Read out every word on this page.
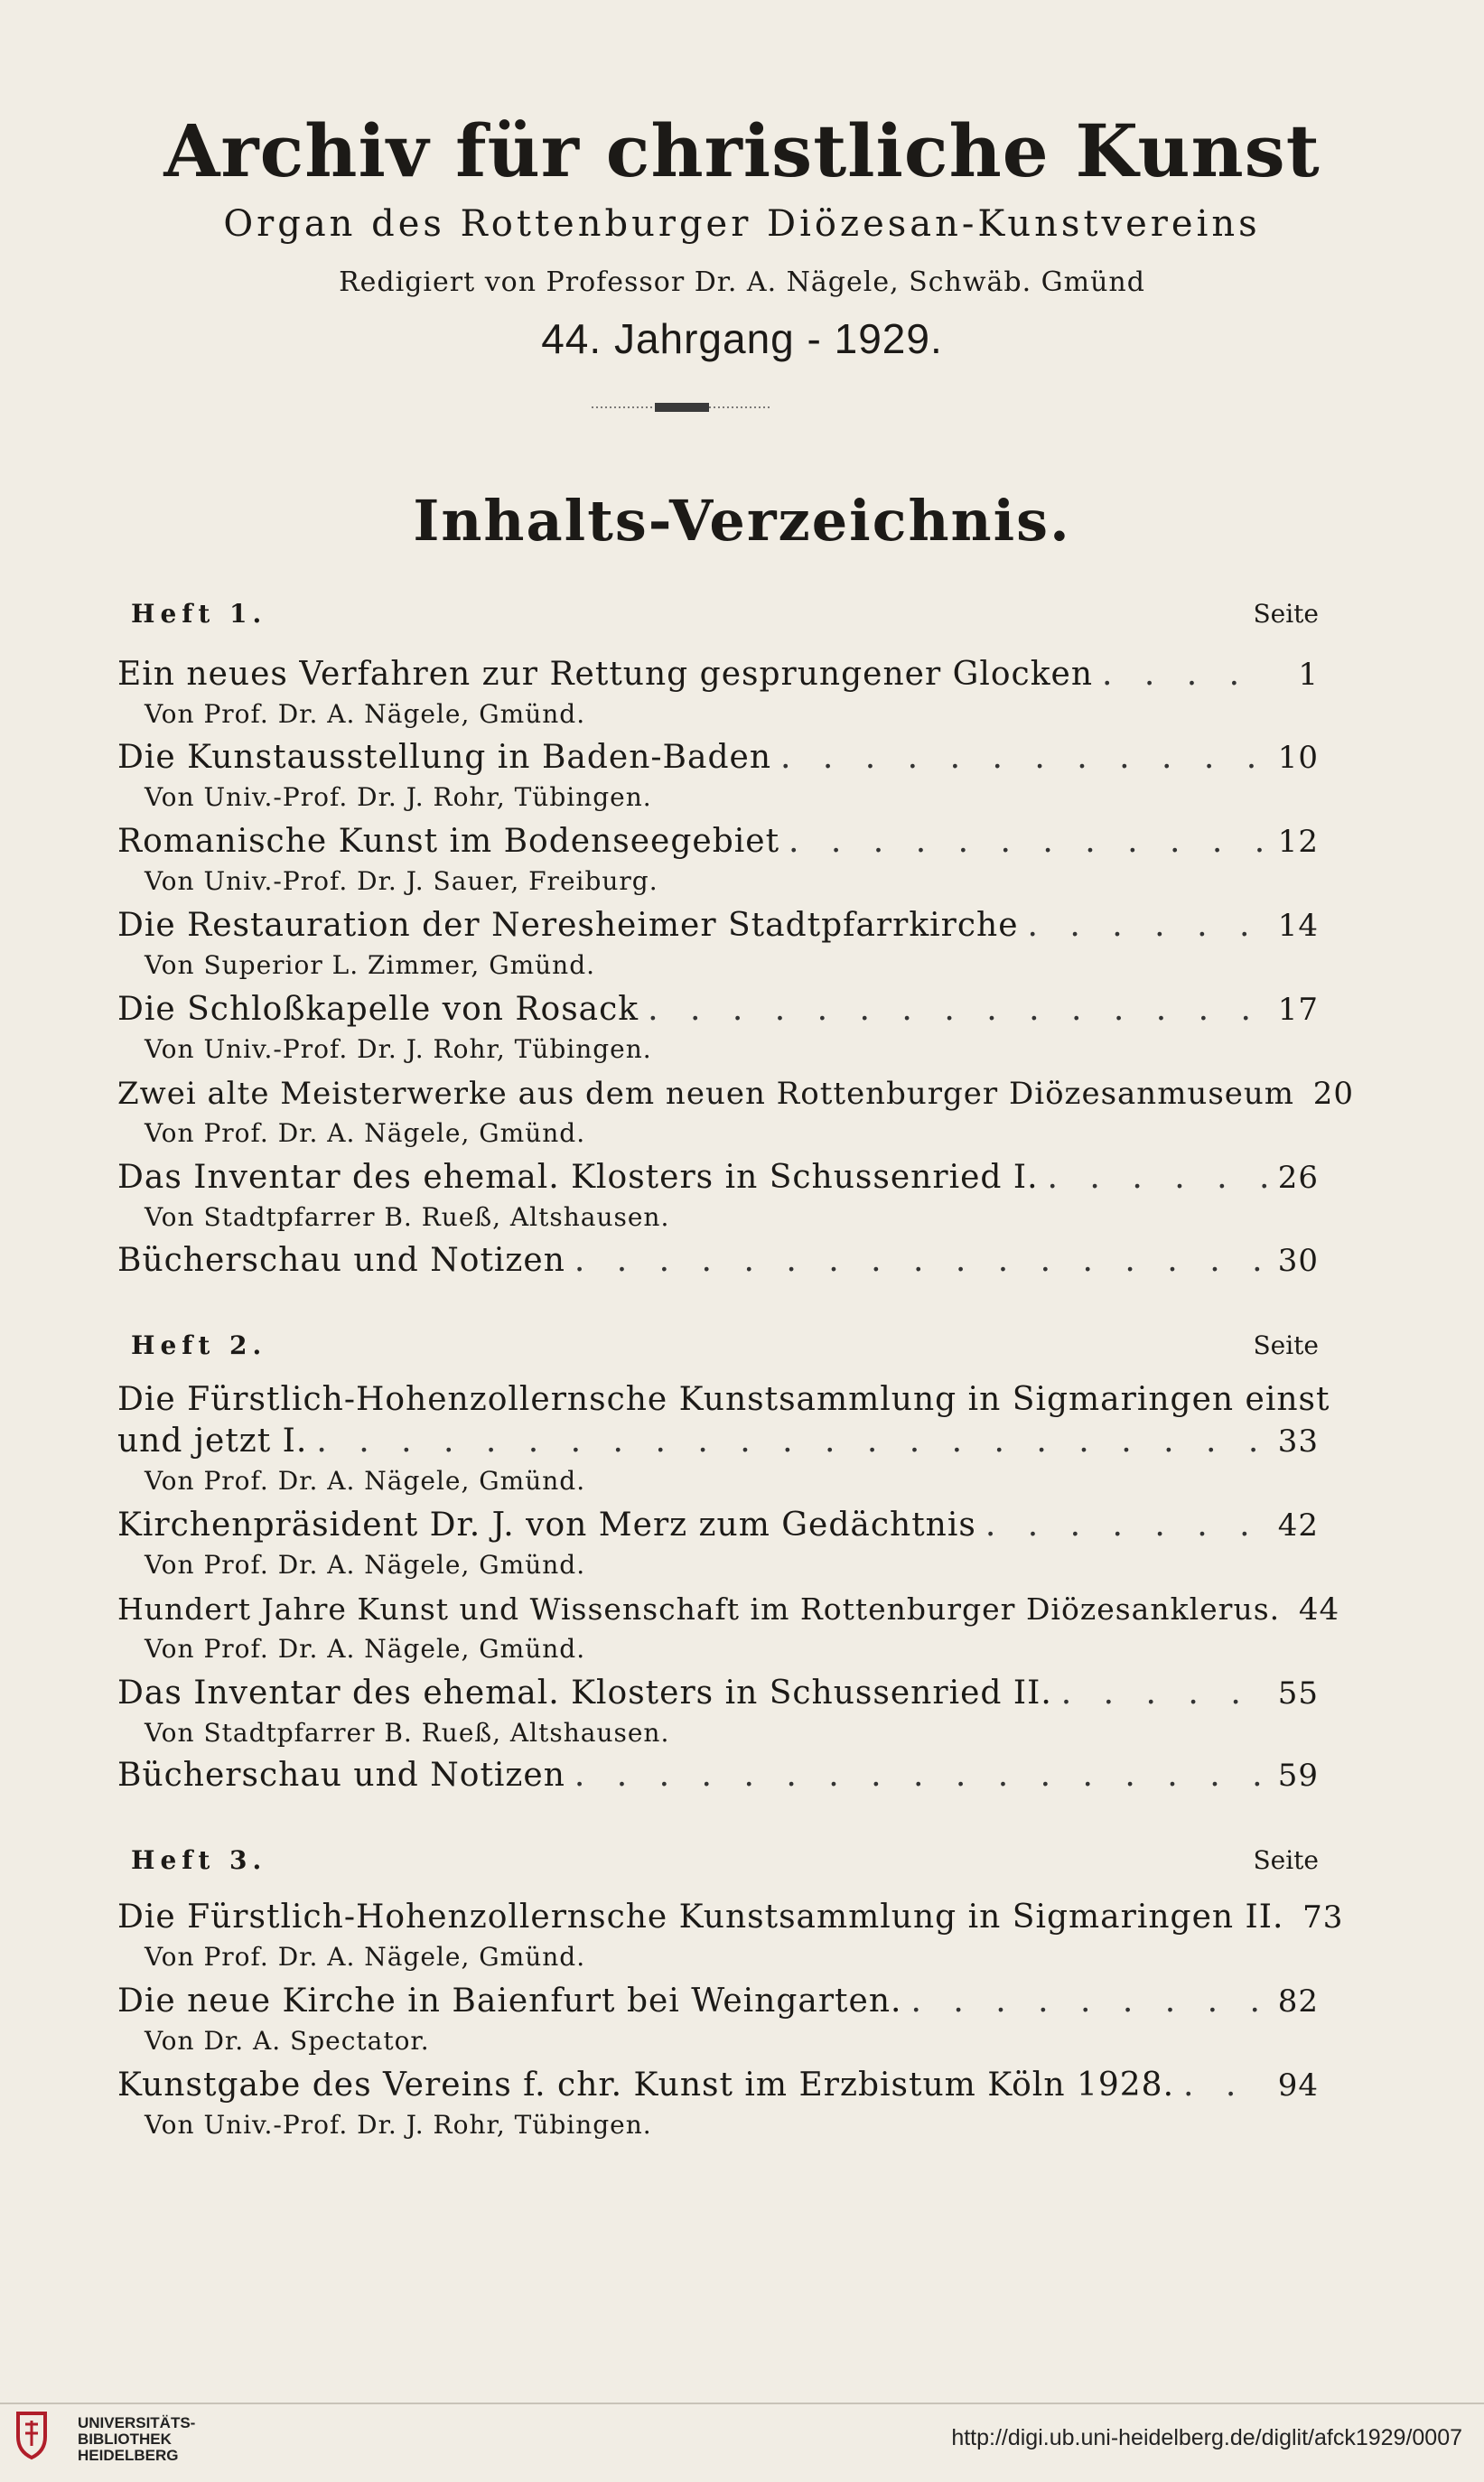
Archiv für christliche Kunst
Organ des Rottenburger Diözesan-Kunstvereins
Redigiert von Professor Dr. A. Nägele, Schwäb. Gmünd
44. Jahrgang - 1929.
Inhalts-Verzeichnis.
Heft 1.	Seite
Ein neues Verfahren zur Rettung gesprungener Glocken . . .	1
Von Prof. Dr. A. Nägele, Gmünd.
Die Kunstausstellung in Baden-Baden . . .	10
Von Univ.-Prof. Dr. J. Rohr, Tübingen.
Romanische Kunst im Bodenseegebiet . . .	12
Von Univ.-Prof. Dr. J. Sauer, Freiburg.
Die Restauration der Neresheimer Stadtpfarrkirche . . .	14
Von Superior L. Zimmer, Gmünd.
Die Schloßkapelle von Rosack . . .	17
Von Univ.-Prof. Dr. J. Rohr, Tübingen.
Zwei alte Meisterwerke aus dem neuen Rottenburger Diözesanmuseum 20
Von Prof. Dr. A. Nägele, Gmünd.
Das Inventar des ehemal. Klosters in Schussenried I. . . .	26
Von Stadtpfarrer B. Rueß, Altshausen.
Bücherschau und Notizen . . .	30
Heft 2.	Seite
Die Fürstlich-Hohenzollernsche Kunstsammlung in Sigmaringen einst
und jetzt I. . . .	33
Von Prof. Dr. A. Nägele, Gmünd.
Kirchenpräsident Dr. J. von Merz zum Gedächtnis . . .	42
Von Prof. Dr. A. Nägele, Gmünd.
Hundert Jahre Kunst und Wissenschaft im Rottenburger Diözesanklerus. 44
Von Prof. Dr. A. Nägele, Gmünd.
Das Inventar des ehemal. Klosters in Schussenried II. . . .	55
Von Stadtpfarrer B. Rueß, Altshausen.
Bücherschau und Notizen . . .	59
Heft 3.	Seite
Die Fürstlich-Hohenzollernsche Kunstsammlung in Sigmaringen II. 73
Von Prof. Dr. A. Nägele, Gmünd.
Die neue Kirche in Baienfurt bei Weingarten. . . .	82
Von Dr. A. Spectator.
Kunstgabe des Vereins f. chr. Kunst im Erzbistum Köln 1928. . . .	94
Von Univ.-Prof. Dr. J. Rohr, Tübingen.
UNIVERSITÄTS-
BIBLIOTHEK
HEIDELBERG
http://digi.ub.uni-heidelberg.de/diglit/afck1929/0007
